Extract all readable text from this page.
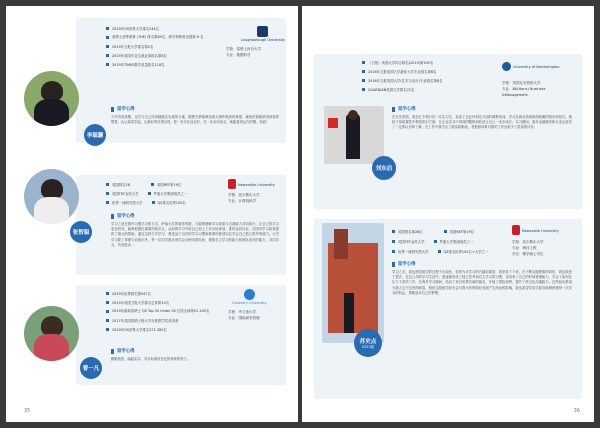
2019年QS世界大学排名244名
泰晤士高等教育 (THE) 排名第89名，跨学科教育全国第 6 名
2019年卫报大学排名第2名
2019年英国毕业生就业率排名第8位
2019年TIMES教学质量排名118名
Loughborough University
学校：泰晤士河谷大学
专业：数据科学
李聪灏
留学心得
少年勿放高楼，也学万自己所来随随实实地努力地，跟想办梦能够放我大事件做到的事情，就相信我能够得到我的想要。认认真真学起，让最好的结果出现，把一步步往前迈好，总一步步向前走，就能看到远方的期，加油！
英国排名28	英国REF第19位
英国TEF金奖大学	罗素大学集团成员之一
世界一流研究型大学	QS排名世界100名
Newcastle University
学校：纽卡斯尔大学
专业：计算机科学
张智聪
留学心得
学习之前在国内习惯学习的方式，萨塞大学的课堂风格，才能够理解学习成果与自我能力共同前行，让自己的学习更加有效，能够把握住重要的知识点，从前的学习中给自己加上工作目标规划，准时达到目标，在国外学习给我提供了极大的帮助，通过这种方式学习，我受益于良好的学习习惯和做事的规划以及学会自己独立思考的能力。大学学习除了掌握专业知识外，每一位同学都应该学会合理安排时间，增强自主学习的能力和团队协作的能力，共同学习，共同进步。
2019年世界排名第547名
2019年英国卫报大学排名总体第13名
2019年最新泰晤士 QS Top 50 Under 50 位居全球第51-100名
2017年英国泰晤士报大学年度教学奖获得者
2019年QS世界大学排名371-380名
Coventry University
学校：考文垂大学
专业：国际商务管理
曹一凡
留学心得
勤勤恳恳，踏踏实实，对目标保持坚定的持续的努力。
35
《卫报》英国大学综合排名(2019)第105名
2016年卫报英国大学最佳大学专业排名第8名
2016年卫报英国大学(艺术与设计)专业排名第8名
GUARDIAN英国大学排名72名
University of Northampton
学校：英国北安普顿大学
专业：BA(Hons) Business
&Management
刘东启
留学心得
在北安普顿，我在汇丰银行任一名实习生，参加了企业内训这方面的课程培训，学习在商业领域里面积累的知识和技巧，相较于传统课堂中教授知识方面，在企业实习中得到的锻炼和收获让自己一步步成长。实习期间，我对金融服务和行业运营有了一定的认识和了解，在工作中我学会了踏实和勤奋，老板和同事对我的工作也给予了很高的评价。
英国排名第28位	英国REF第19位
英国TEF金奖大学	罗素大学集团成员之一
世界一流研究型大学	QS排名世界100名+大学之一
Newcastle University
学校：纽卡斯尔大学
专业：海洋工程
学位：理学硕士学位
苏史点
2013届
留学心得
学习之初，我也感觉留学的过程不太轻松，但因为对学习的兴趣和渴望，我坚持了下来，在不断克服困难的同时，我也收获了很多，在这几年的学习生活中，我逐渐形成了独立思考和自主学习的习惯，也培养了自己的时间管理能力，学会了如何在压力下高效工作，在海外学习期间，结识了来自世界各地的朋友，开阔了国际视野，提升了跨文化沟通能力，这些经历都成为我人生中宝贵的财富，相信这段留学经历会对我今后的职业发展产生深远的影响，我也希望学弟学妹们能够珍惜每一次学习的机会，勇敢追求自己的梦想。
36
